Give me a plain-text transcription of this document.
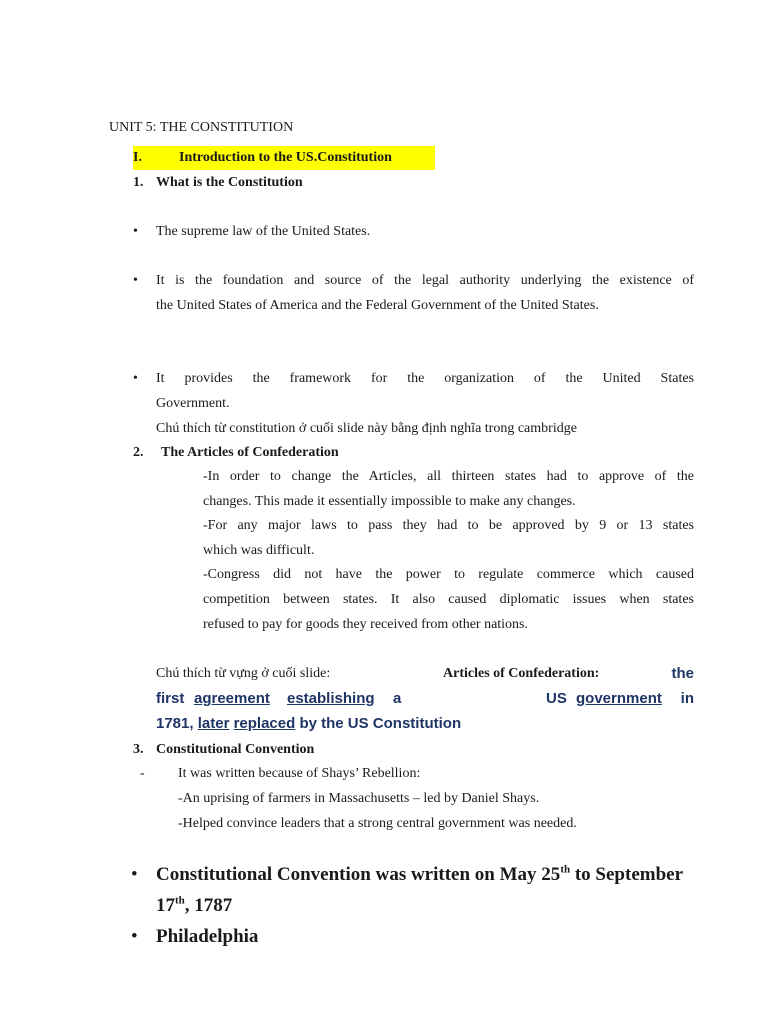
UNIT 5: THE CONSTITUTION
I.	Introduction to the US.Constitution
1. What is the Constitution
• The supreme law of the United States.
• It is the foundation and source of the legal authority underlying the existence of
the United States of America and the Federal Government of the United States.
• It provides the framework for the organization of the United States
Government.
Chú thích từ constitution ở cuối slide này bằng định nghĩa trong cambridge
2. The Articles of Confederation
-In order to change the Articles, all thirteen states had to approve of the
changes. This made it essentially impossible to make any changes.
-For any major laws to pass they had to be approved by 9 or 13 states
which was difficult.
-Congress did not have the power to regulate commerce which caused
competition between states. It also caused diplomatic issues when states
refused to pay for goods they received from other nations.
Chú thích từ vựng ở cuối slide:	Articles of Confederation:	the
first agreement establishing a	US government in
1781, later replaced by the US Constitution
3. Constitutional Convention
- It was written because of Shays’ Rebellion:
-An uprising of farmers in Massachusetts – led by Daniel Shays.
-Helped convince leaders that a strong central government was needed.
• Constitutional Convention was written on May 25th to September
17th, 1787
• Philadelphia
